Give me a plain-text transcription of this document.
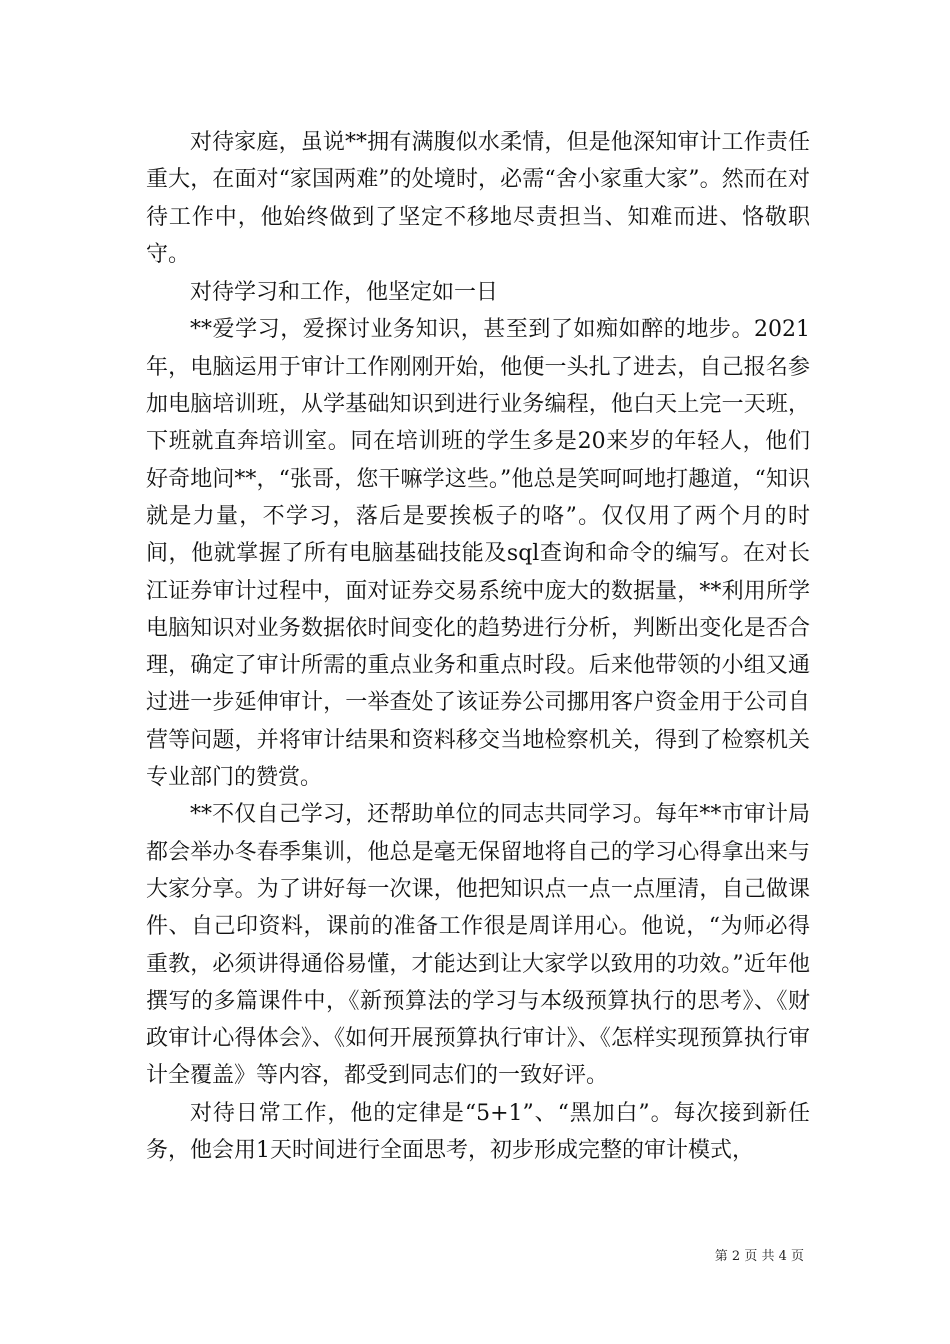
对待家庭，虽说**拥有满腹似水柔情，但是他深知审计工作责任重大，在面对“家国两难”的处境时，必需“舍小家重大家”。然而在对待工作中，他始终做到了坚定不移地尽责担当、知难而进、恪敬职守。

对待学习和工作，他坚定如一日

**爱学习，爱探讨业务知识，甚至到了如痴如醉的地步。2021年，电脑运用于审计工作刚刚开始，他便一头扎了进去，自己报名参加电脑培训班，从学基础知识到进行业务编程，他白天上完一天班，下班就直奔培训室。同在培训班的学生多是20来岁的年轻人，他们好奇地问**，“张哥，您干嘛学这些。”他总是笑呵呵地打趣道，“知识就是力量，不学习，落后是要挨板子的咯”。仅仅用了两个月的时间，他就掌握了所有电脑基础技能及sql查询和命令的编写。在对长江证券审计过程中，面对证券交易系统中庞大的数据量，**利用所学电脑知识对业务数据依时间变化的趋势进行分析，判断出变化是否合理，确定了审计所需的重点业务和重点时段。后来他带领的小组又通过进一步延伸审计，一举查处了该证券公司挪用客户资金用于公司自营等问题，并将审计结果和资料移交当地检察机关，得到了检察机关专业部门的赞赏。

**不仅自己学习，还帮助单位的同志共同学习。每年**市审计局都会举办冬春季集训，他总是毫无保留地将自己的学习心得拿出来与大家分享。为了讲好每一次课，他把知识点一点一点厘清，自己做课件、自己印资料，课前的准备工作很是周详用心。他说，“为师必得重教，必须讲得通俗易懂，才能达到让大家学以致用的功效。”近年他撰写的多篇课件中，《新预算法的学习与本级预算执行的思考》、《财政审计心得体会》、《如何开展预算执行审计》、《怎样实现预算执行审计全覆盖》等内容，都受到同志们的一致好评。

对待日常工作，他的定律是“5+1”、“黑加白”。每次接到新任务，他会用1天时间进行全面思考，初步形成完整的审计模式，

第 2 页 共 4 页
